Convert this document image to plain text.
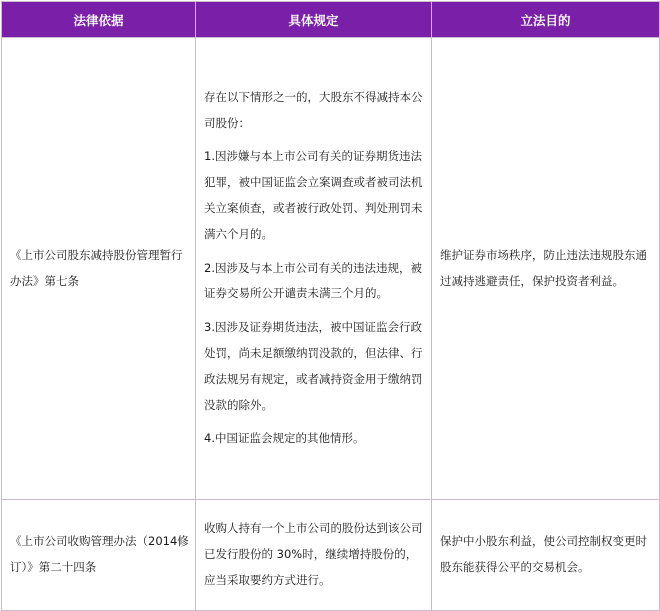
法律依据	具体规定	立法目的
《上市公司股东减持股份管理暂行办法》第七条	存在以下情形之一的，大股东不得减持本公司股份：

1.因涉嫌与本上市公司有关的证券期货违法犯罪，被中国证监会立案调查或者被司法机关立案侦查，或者被行政处罚、判处刑罚未满六个月的。

2.因涉及与本上市公司有关的违法违规，被证券交易所公开谴责未满三个月的。

3.因涉及证券期货违法，被中国证监会行政处罚，尚未足额缴纳罚没款的，但法律、行政法规另有规定，或者减持资金用于缴纳罚没款的除外。

4.中国证监会规定的其他情形。	维护证券市场秩序，防止违法违规股东通过减持逃避责任，保护投资者利益。
《上市公司收购管理办法（2014修订）》第二十四条	收购人持有一个上市公司的股份达到该公司已发行股份的 30%时，继续增持股份的，应当采取要约方式进行。	保护中小股东利益，使公司控制权变更时股东能获得公平的交易机会。
